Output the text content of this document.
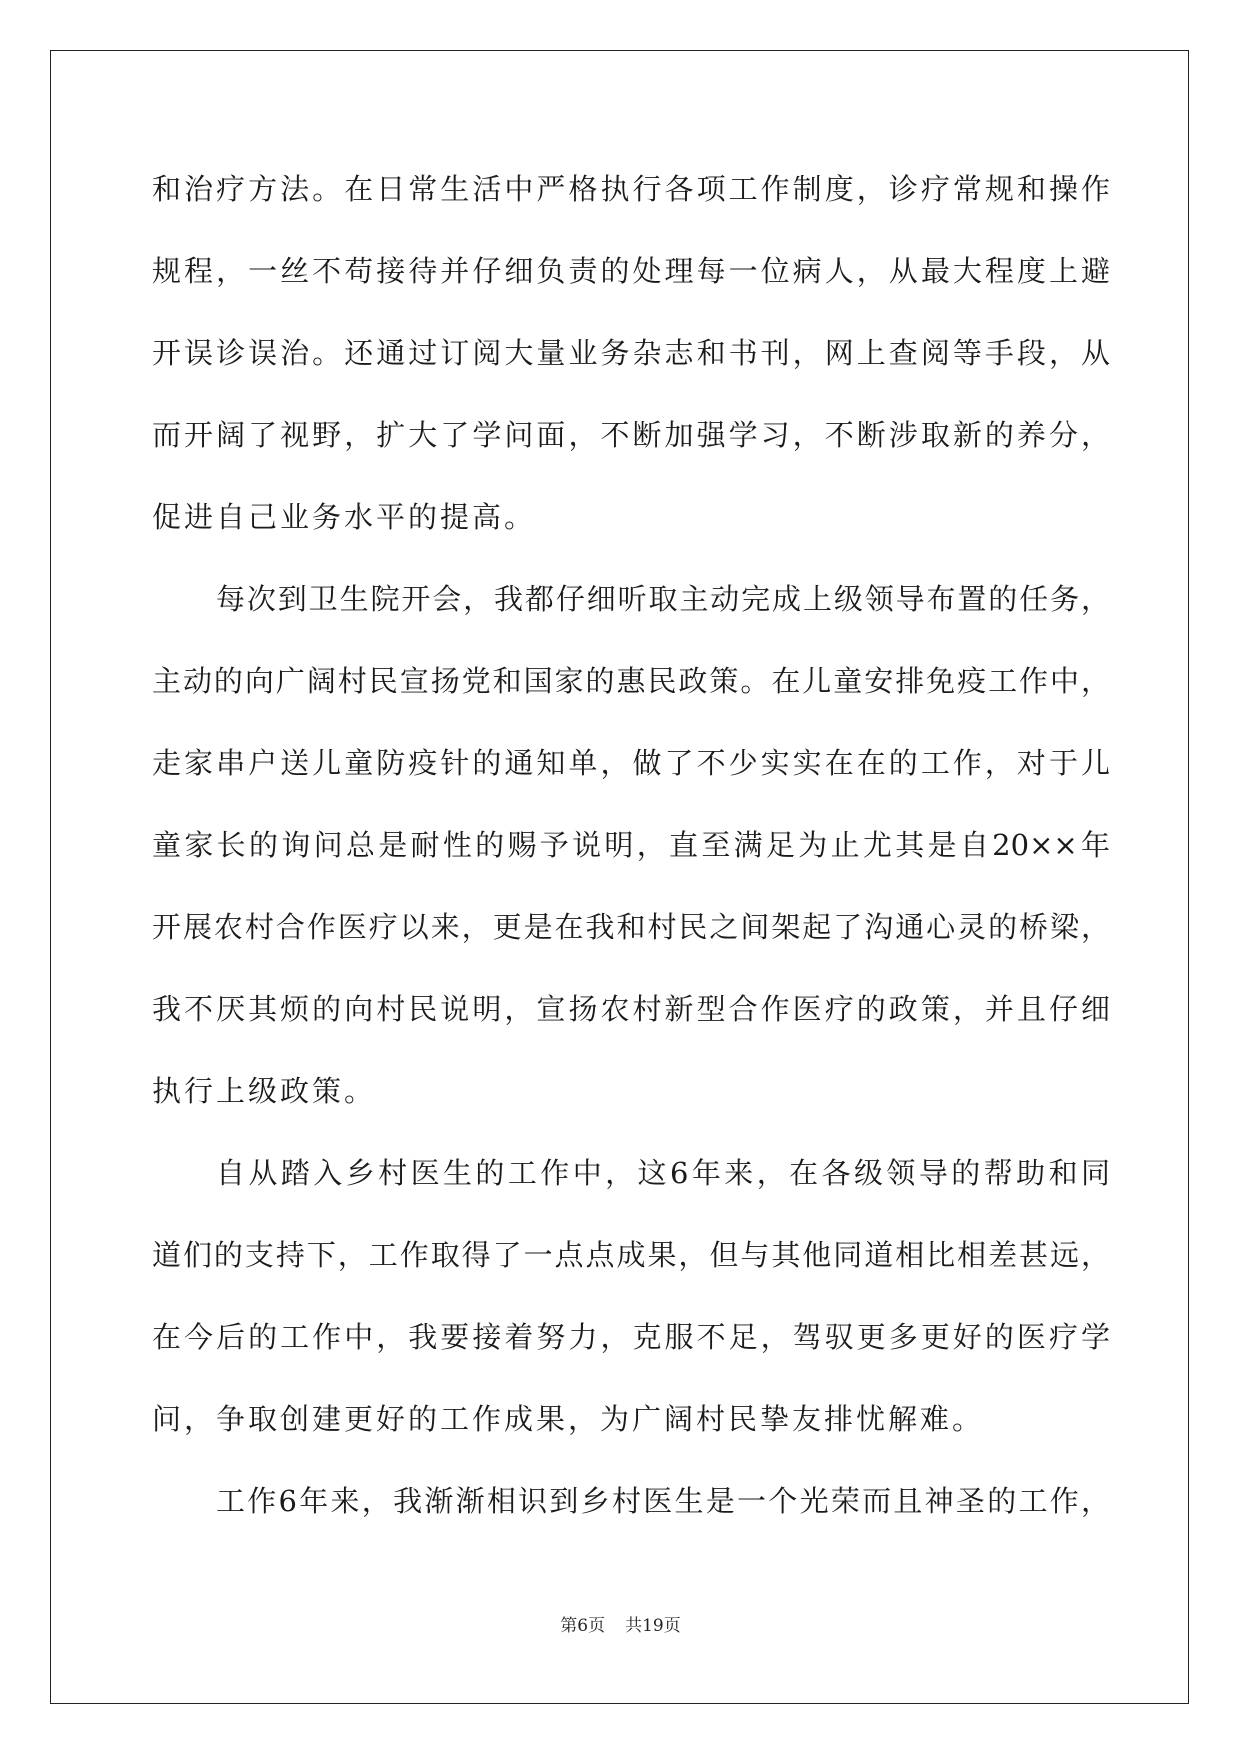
和治疗方法。在日常生活中严格执行各项工作制度，诊疗常规和操作
规程，一丝不苟接待并仔细负责的处理每一位病人，从最大程度上避
开误诊误治。还通过订阅大量业务杂志和书刊，网上查阅等手段，从
而开阔了视野，扩大了学问面，不断加强学习，不断涉取新的养分，
促进自己业务水平的提高。
每次到卫生院开会，我都仔细听取主动完成上级领导布置的任务，
主动的向广阔村民宣扬党和国家的惠民政策。在儿童安排免疫工作中，
走家串户送儿童防疫针的通知单，做了不少实实在在的工作，对于儿
童家长的询问总是耐性的赐予说明，直至满足为止尤其是自20××年
开展农村合作医疗以来，更是在我和村民之间架起了沟通心灵的桥梁，
我不厌其烦的向村民说明，宣扬农村新型合作医疗的政策，并且仔细
执行上级政策。
自从踏入乡村医生的工作中，这6年来，在各级领导的帮助和同
道们的支持下，工作取得了一点点成果，但与其他同道相比相差甚远，
在今后的工作中，我要接着努力，克服不足，驾驭更多更好的医疗学
问，争取创建更好的工作成果，为广阔村民挚友排忧解难。
工作6年来，我渐渐相识到乡村医生是一个光荣而且神圣的工作，
第6页 共19页
